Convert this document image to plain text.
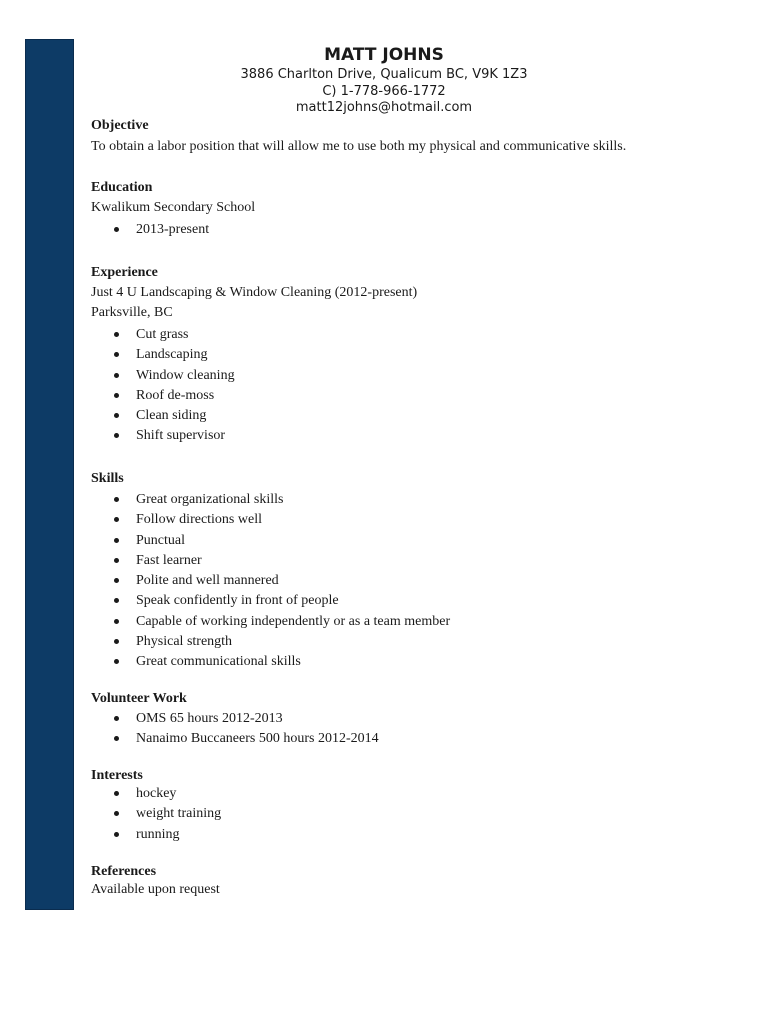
MATT JOHNS
3886 Charlton Drive, Qualicum BC, V9K 1Z3
C) 1-778-966-1772
matt12johns@hotmail.com
Objective
To obtain a labor position that will allow me to use both my physical and communicative skills.
Education
Kwalikum Secondary School
2013-present
Experience
Just 4 U Landscaping & Window Cleaning (2012-present)
Parksville, BC
Cut grass
Landscaping
Window cleaning
Roof de-moss
Clean siding
Shift supervisor
Skills
Great organizational skills
Follow directions well
Punctual
Fast learner
Polite and well mannered
Speak confidently in front of people
Capable of working independently or as a team member
Physical strength
Great communicational skills
Volunteer Work
OMS 65 hours 2012-2013
Nanaimo Buccaneers 500 hours 2012-2014
Interests
hockey
weight training
running
References
Available upon request
